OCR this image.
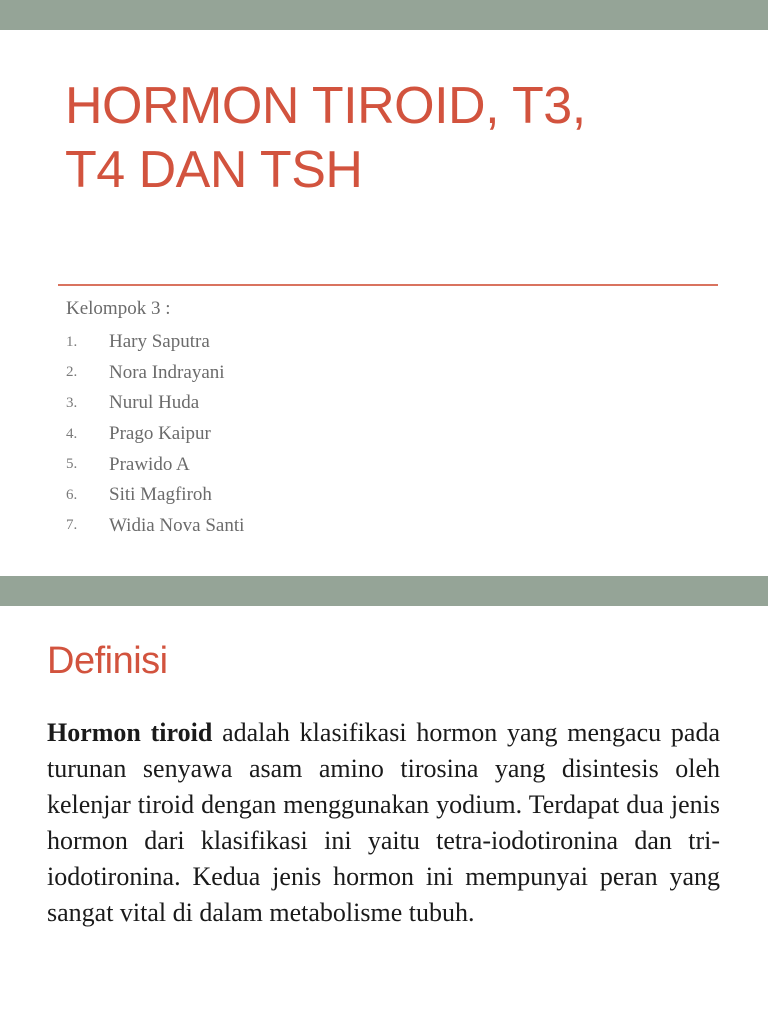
HORMON TIROID, T3,
T4 DAN TSH

Kelompok 3 :

1.	Hary Saputra
2.	Nora Indrayani
3.	Nurul Huda
4.	Prago Kaipur
5.	Prawido A
6.	Siti Magfiroh
7.	Widia Nova Santi
Definisi

Hormon tiroid adalah klasifikasi hormon yang mengacu pada turunan senyawa asam amino tirosina yang disintesis oleh kelenjar tiroid dengan menggunakan yodium. Terdapat dua jenis hormon dari klasifikasi ini yaitu tetra-iodotironina dan tri-iodotironina. Kedua jenis hormon ini mempunyai peran yang sangat vital di dalam metabolisme tubuh.
